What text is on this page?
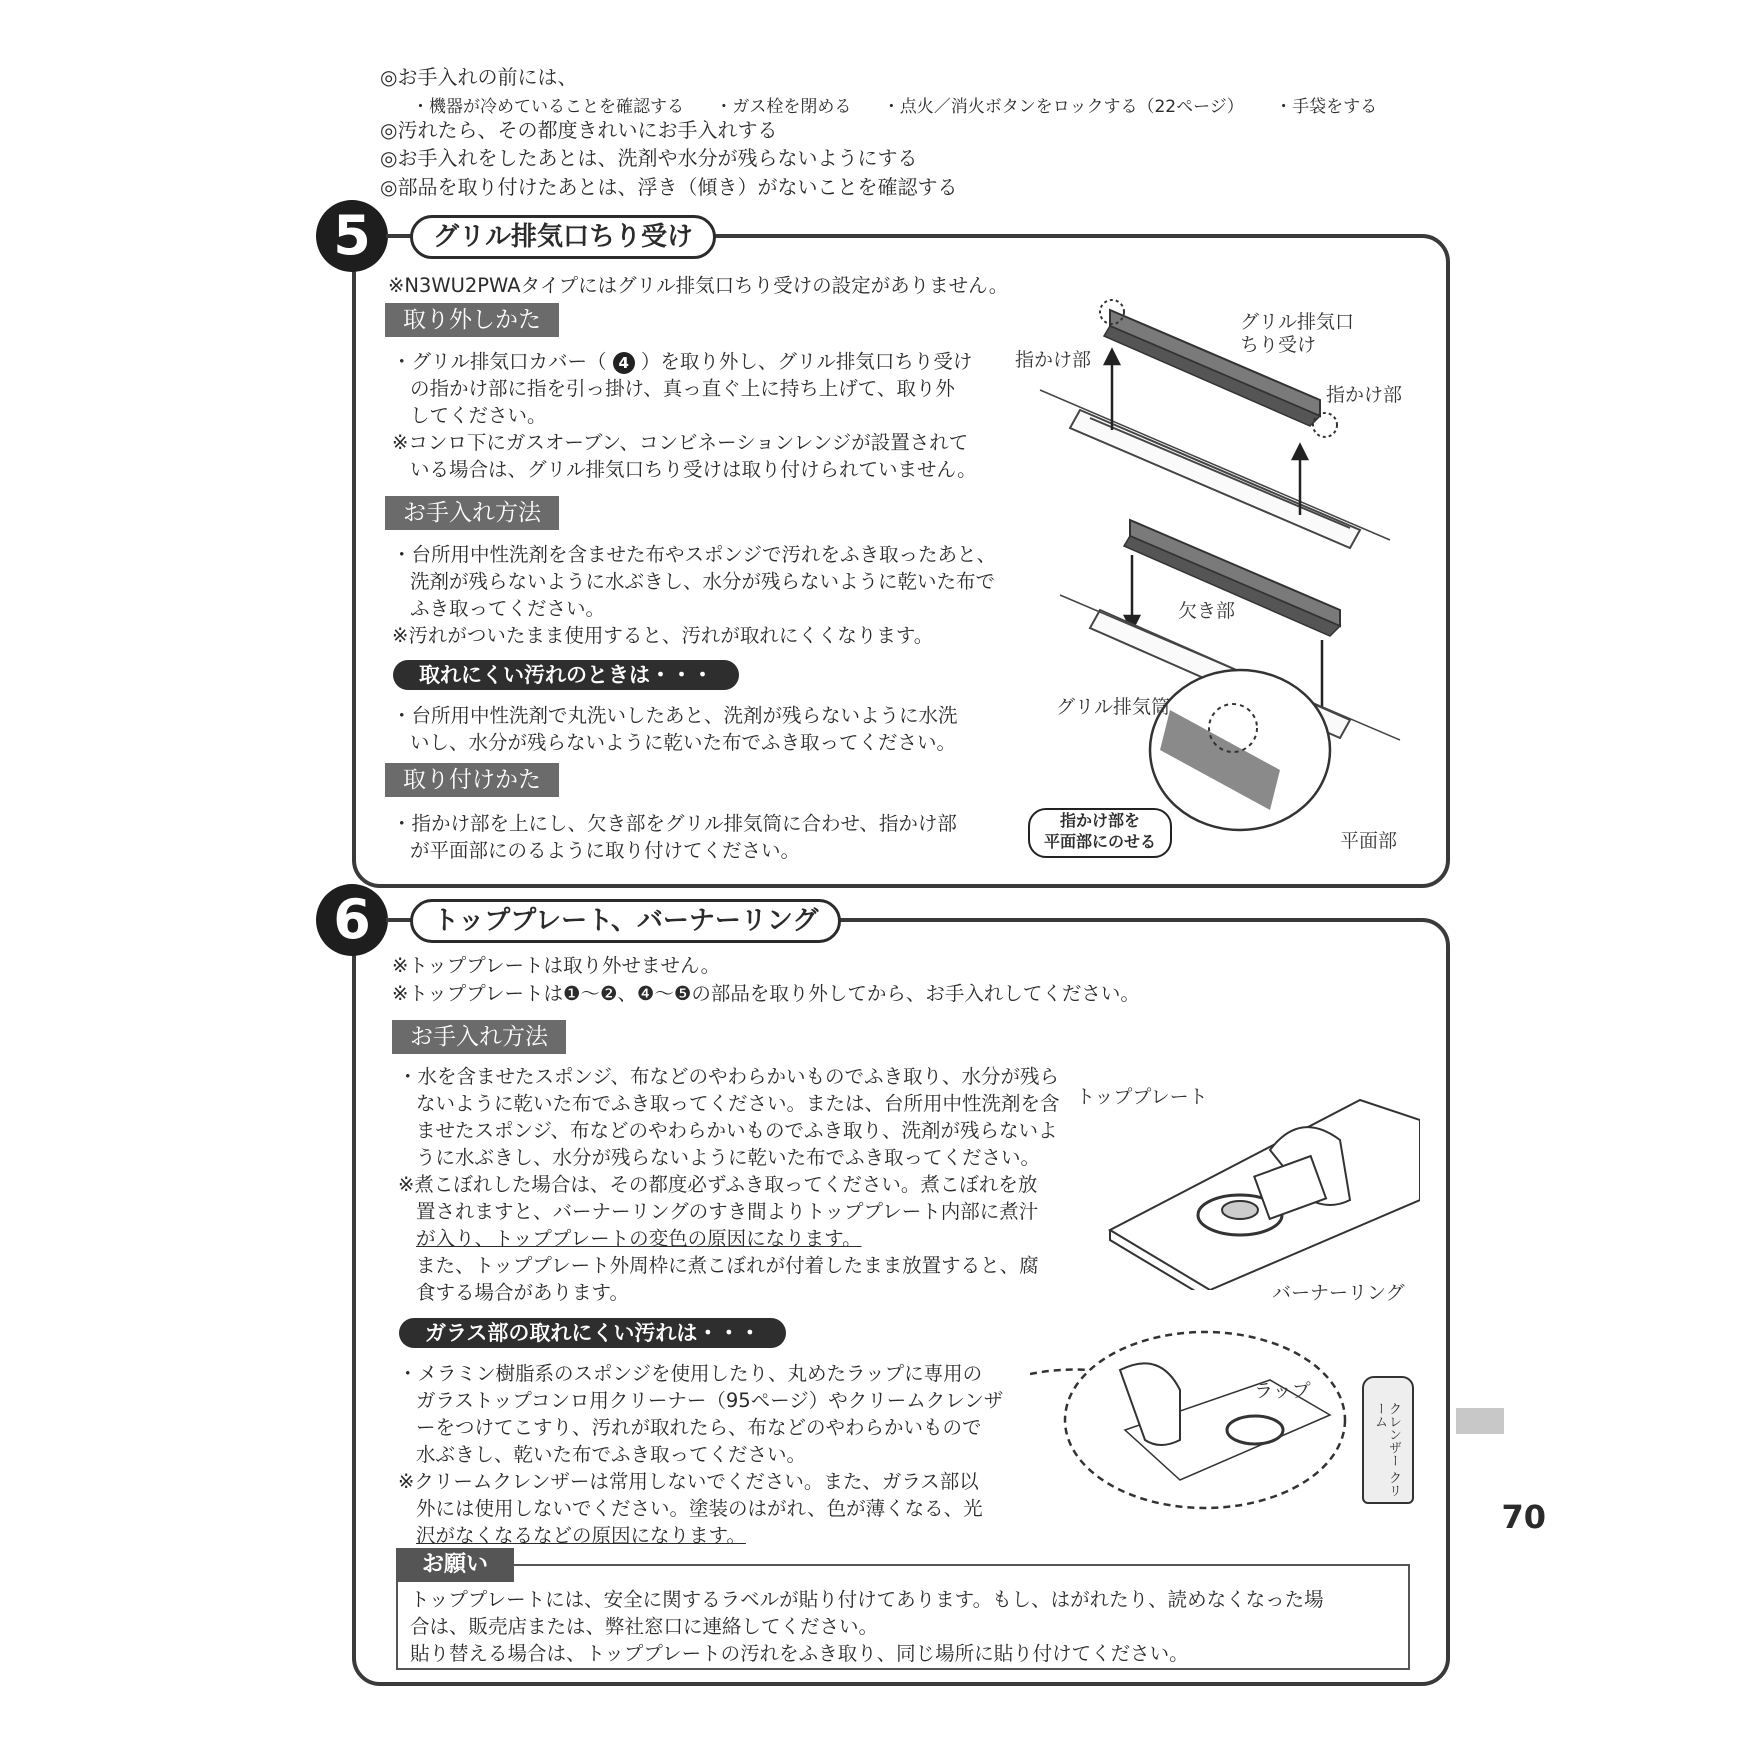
◎お手入れの前には、
・機器が冷めていることを確認する ・ガス栓を閉める ・点火／消火ボタンをロックする（22ページ） ・手袋をする
◎汚れたら、その都度きれいにお手入れする
◎お手入れをしたあとは、洗剤や水分が残らないようにする
◎部品を取り付けたあとは、浮き（傾き）がないことを確認する
5	グリル排気口ちり受け
※N3WU2PWAタイプにはグリル排気口ちり受けの設定がありません。
取り外しかた
・グリル排気口カバー（ 4 ）を取り外し、グリル排気口ちり受け
の指かけ部に指を引っ掛け、真っ直ぐ上に持ち上げて、取り外
してください。
※コンロ下にガスオーブン、コンビネーションレンジが設置されて
いる場合は、グリル排気口ちり受けは取り付けられていません。
お手入れ方法
・台所用中性洗剤を含ませた布やスポンジで汚れをふき取ったあと、
洗剤が残らないように水ぶきし、水分が残らないように乾いた布で
ふき取ってください。
※汚れがついたまま使用すると、汚れが取れにくくなります。
取れにくい汚れのときは・・・
・台所用中性洗剤で丸洗いしたあと、洗剤が残らないように水洗
いし、水分が残らないように乾いた布でふき取ってください。
取り付けかた
・指かけ部を上にし、欠き部をグリル排気筒に合わせ、指かけ部
が平面部にのるように取り付けてください。
指かけ部
グリル排気口
ちり受け
指かけ部
欠き部
グリル排気筒
平面部
指かけ部を
平面部にのせる
6	トッププレート、バーナーリング
※トッププレートは取り外せません。
※トッププレートは❶～❷、❹～❺の部品を取り外してから、お手入れしてください。
お手入れ方法
・水を含ませたスポンジ、布などのやわらかいものでふき取り、水分が残ら
ないように乾いた布でふき取ってください。または、台所用中性洗剤を含
ませたスポンジ、布などのやわらかいものでふき取り、洗剤が残らないよ
うに水ぶきし、水分が残らないように乾いた布でふき取ってください。
※煮こぼれした場合は、その都度必ずふき取ってください。煮こぼれを放
置されますと、バーナーリングのすき間よりトッププレート内部に煮汁
が入り、トッププレートの変色の原因になります。
また、トッププレート外周枠に煮こぼれが付着したまま放置すると、腐
食する場合があります。
ガラス部の取れにくい汚れは・・・
・メラミン樹脂系のスポンジを使用したり、丸めたラップに専用の
ガラストップコンロ用クリーナー（95ページ）やクリームクレンザ
ーをつけてこすり、汚れが取れたら、布などのやわらかいもので
水ぶきし、乾いた布でふき取ってください。
※クリームクレンザーは常用しないでください。また、ガラス部以
外には使用しないでください。塗装のはがれ、色が薄くなる、光
沢がなくなるなどの原因になります。
トッププレート
バーナーリング
ラップ
クレンザー クリーム
お願い
トッププレートには、安全に関するラベルが貼り付けてあります。もし、はがれたり、読めなくなった場
合は、販売店または、弊社窓口に連絡してください。
貼り替える場合は、トッププレートの汚れをふき取り、同じ場所に貼り付けてください。
70
